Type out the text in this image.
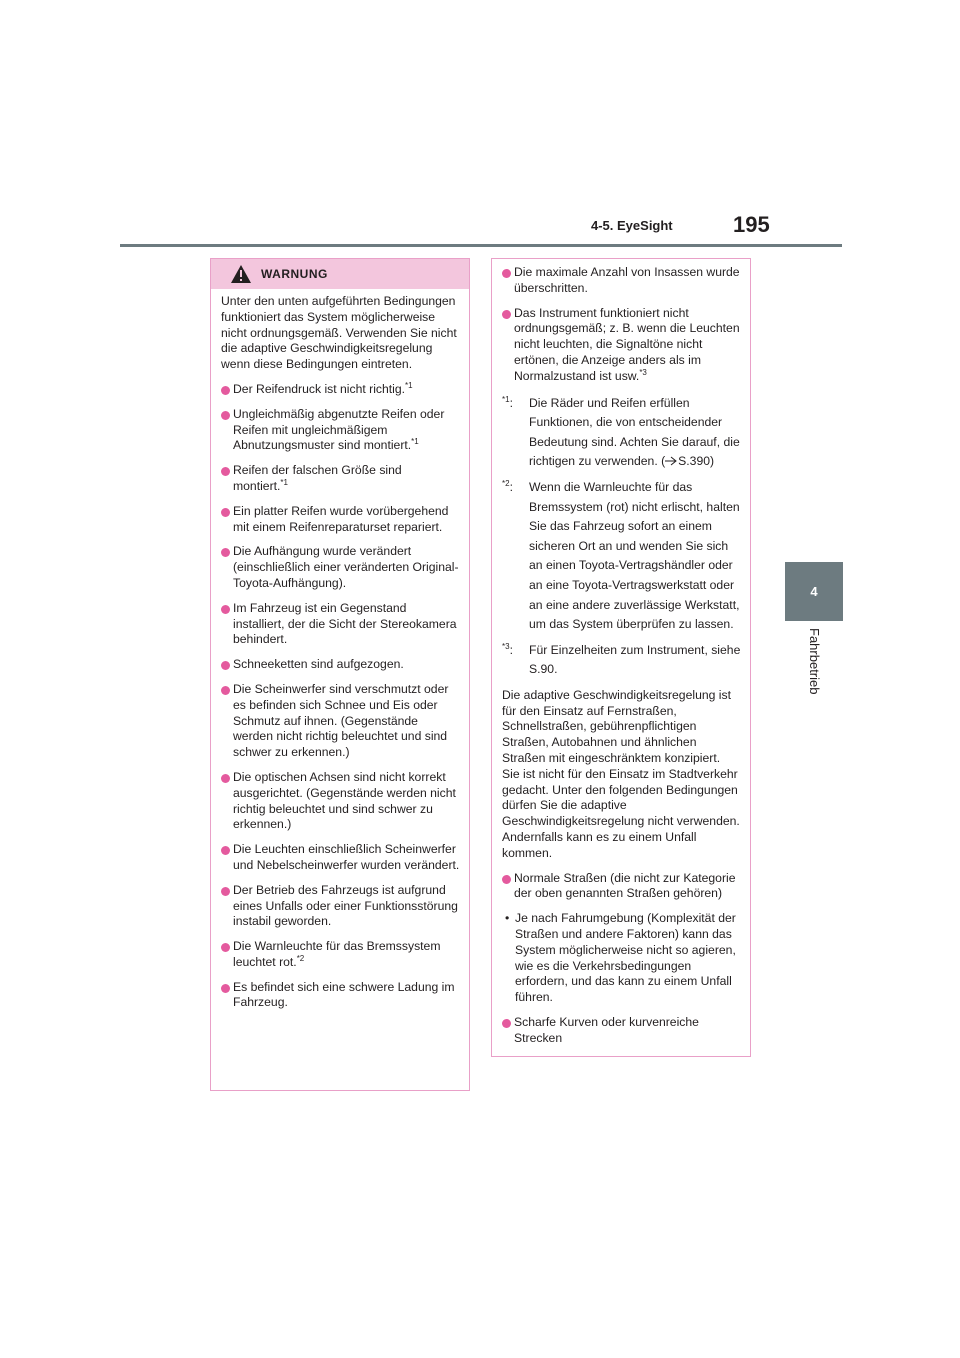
4-5. EyeSight	195
4
Fahrbetrieb
WARNUNG

Unter den unten aufgeführten Bedingungen funktioniert das System möglicherweise nicht ordnungsgemäß. Verwenden Sie nicht die adaptive Geschwindigkeitsregelung wenn diese Bedingungen eintreten.

Der Reifendruck ist nicht richtig.$^{*1}$
Ungleichmäßig abgenutzte Reifen oder Reifen mit ungleichmäßigem Abnutzungsmuster sind montiert.$^{*1}$
Reifen der falschen Größe sind montiert.$^{*1}$
Ein platter Reifen wurde vorübergehend mit einem Reifenreparaturset repariert.
Die Aufhängung wurde verändert (einschließlich einer veränderten Original-Toyota-Aufhängung).
Im Fahrzeug ist ein Gegenstand installiert, der die Sicht der Stereokamera behindert.
Schneeketten sind aufgezogen.
Die Scheinwerfer sind verschmutzt oder es befinden sich Schnee und Eis oder Schmutz auf ihnen. (Gegenstände werden nicht richtig beleuchtet und sind schwer zu erkennen.)
Die optischen Achsen sind nicht korrekt ausgerichtet. (Gegenstände werden nicht richtig beleuchtet und sind schwer zu erkennen.)
Die Leuchten einschließlich Scheinwerfer und Nebelscheinwerfer wurden verändert.
Der Betrieb des Fahrzeugs ist aufgrund eines Unfalls oder einer Funktionsstörung instabil geworden.
Die Warnleuchte für das Bremssystem leuchtet rot.$^{*2}$
Es befindet sich eine schwere Ladung im Fahrzeug.
Die maximale Anzahl von Insassen wurde überschritten.
Das Instrument funktioniert nicht ordnungsgemäß; z. B. wenn die Leuchten nicht leuchten, die Signaltöne nicht ertönen, die Anzeige anders als im Normalzustand ist usw.$^{*3}$
$^{*1}$: Die Räder und Reifen erfüllen Funktionen, die von entscheidender Bedeutung sind. Achten Sie darauf, die richtigen zu verwenden. ( S.390)
$^{*2}$: Wenn die Warnleuchte für das Bremssystem (rot) nicht erlischt, halten Sie das Fahrzeug sofort an einem sicheren Ort an und wenden Sie sich an einen Toyota-Vertragshändler oder an eine Toyota-Vertragswerkstatt oder an eine andere zuverlässige Werkstatt, um das System überprüfen zu lassen.
$^{*3}$: Für Einzelheiten zum Instrument, siehe S.90.

Die adaptive Geschwindigkeitsregelung ist für den Einsatz auf Fernstraßen, Schnellstraßen, gebührenpflichtigen Straßen, Autobahnen und ähnlichen Straßen mit eingeschränktem konzipiert. Sie ist nicht für den Einsatz im Stadtverkehr gedacht. Unter den folgenden Bedingungen dürfen Sie die adaptive Geschwindigkeitsregelung nicht verwenden. Andernfalls kann es zu einem Unfall kommen.

Normale Straßen (die nicht zur Kategorie der oben genannten Straßen gehören)
• Je nach Fahrumgebung (Komplexität der Straßen und andere Faktoren) kann das System möglicherweise nicht so agieren, wie es die Verkehrsbedingungen erfordern, und das kann zu einem Unfall führen.
Scharfe Kurven oder kurvenreiche Strecken
